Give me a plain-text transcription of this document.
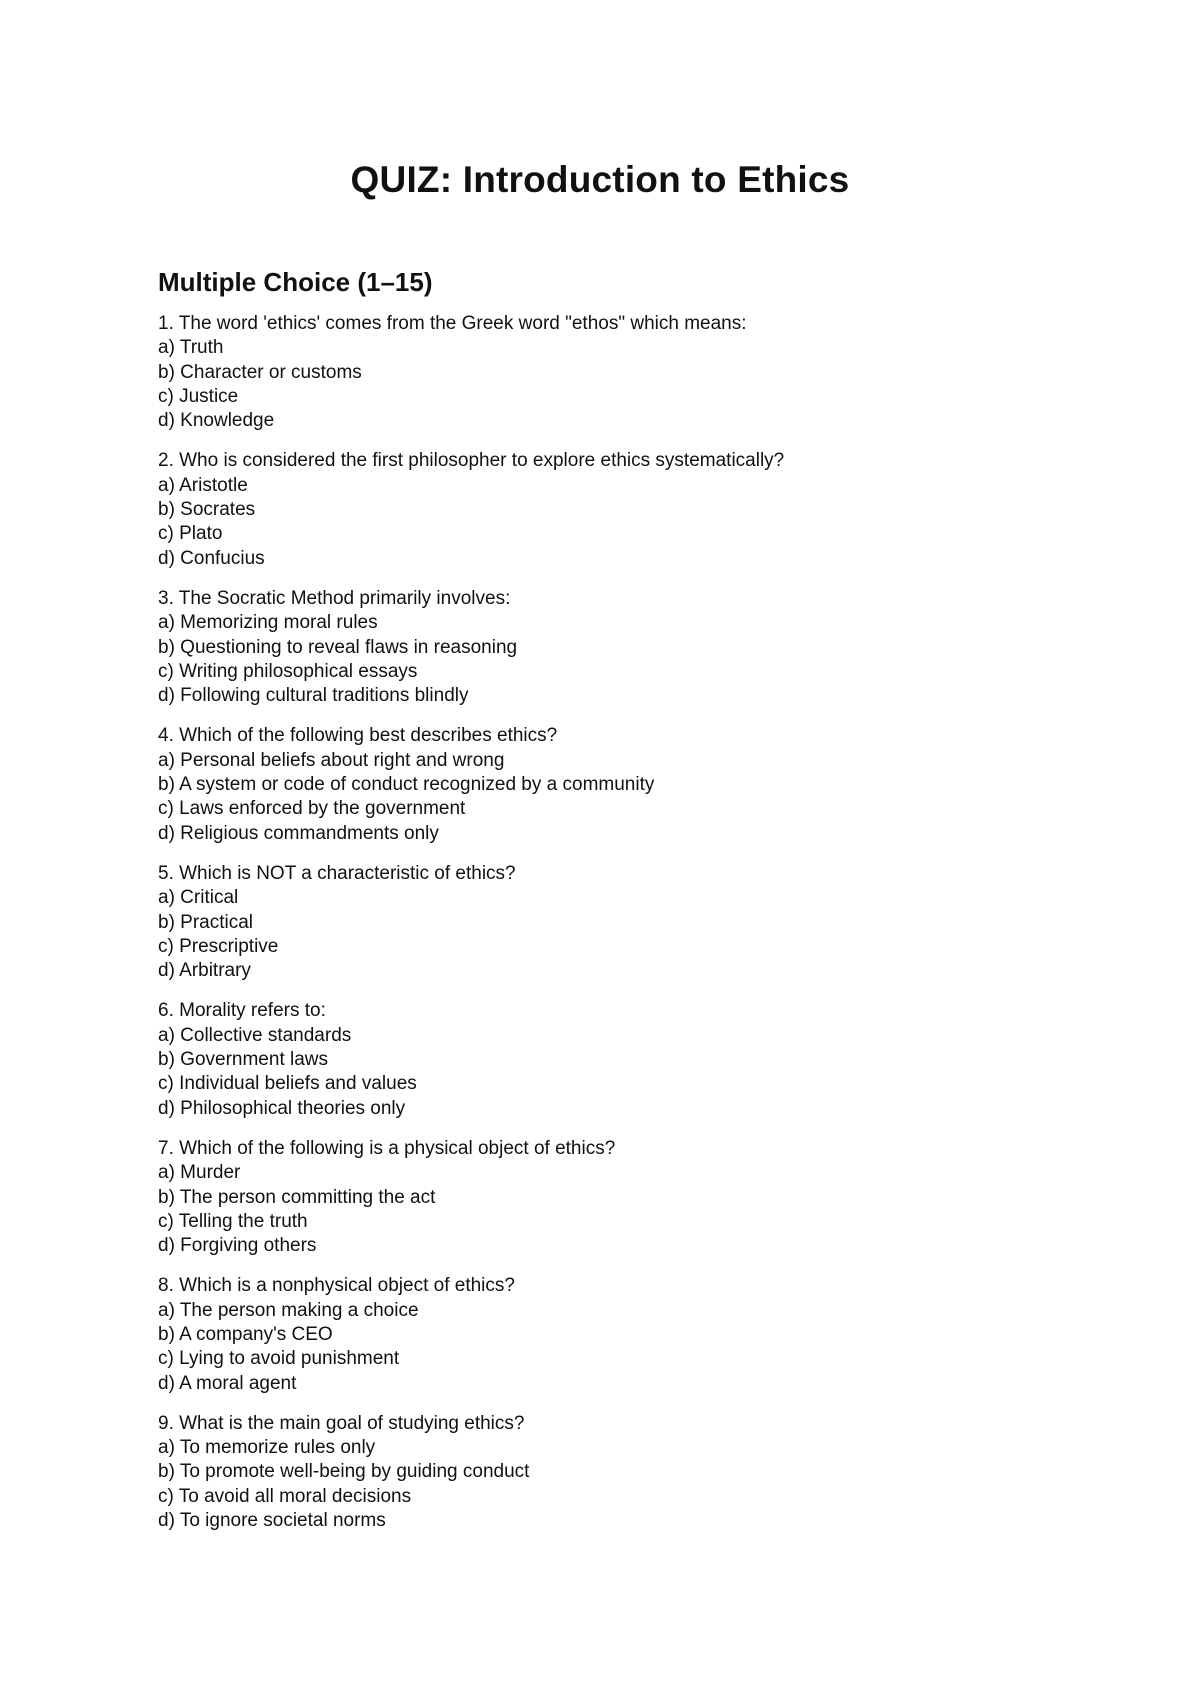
QUIZ: Introduction to Ethics
Multiple Choice (1–15)
1. The word 'ethics' comes from the Greek word "ethos" which means:
a) Truth
b) Character or customs
c) Justice
d) Knowledge
2. Who is considered the first philosopher to explore ethics systematically?
a) Aristotle
b) Socrates
c) Plato
d) Confucius
3. The Socratic Method primarily involves:
a) Memorizing moral rules
b) Questioning to reveal flaws in reasoning
c) Writing philosophical essays
d) Following cultural traditions blindly
4. Which of the following best describes ethics?
a) Personal beliefs about right and wrong
b) A system or code of conduct recognized by a community
c) Laws enforced by the government
d) Religious commandments only
5. Which is NOT a characteristic of ethics?
a) Critical
b) Practical
c) Prescriptive
d) Arbitrary
6. Morality refers to:
a) Collective standards
b) Government laws
c) Individual beliefs and values
d) Philosophical theories only
7. Which of the following is a physical object of ethics?
a) Murder
b) The person committing the act
c) Telling the truth
d) Forgiving others
8. Which is a nonphysical object of ethics?
a) The person making a choice
b) A company's CEO
c) Lying to avoid punishment
d) A moral agent
9. What is the main goal of studying ethics?
a) To memorize rules only
b) To promote well-being by guiding conduct
c) To avoid all moral decisions
d) To ignore societal norms
